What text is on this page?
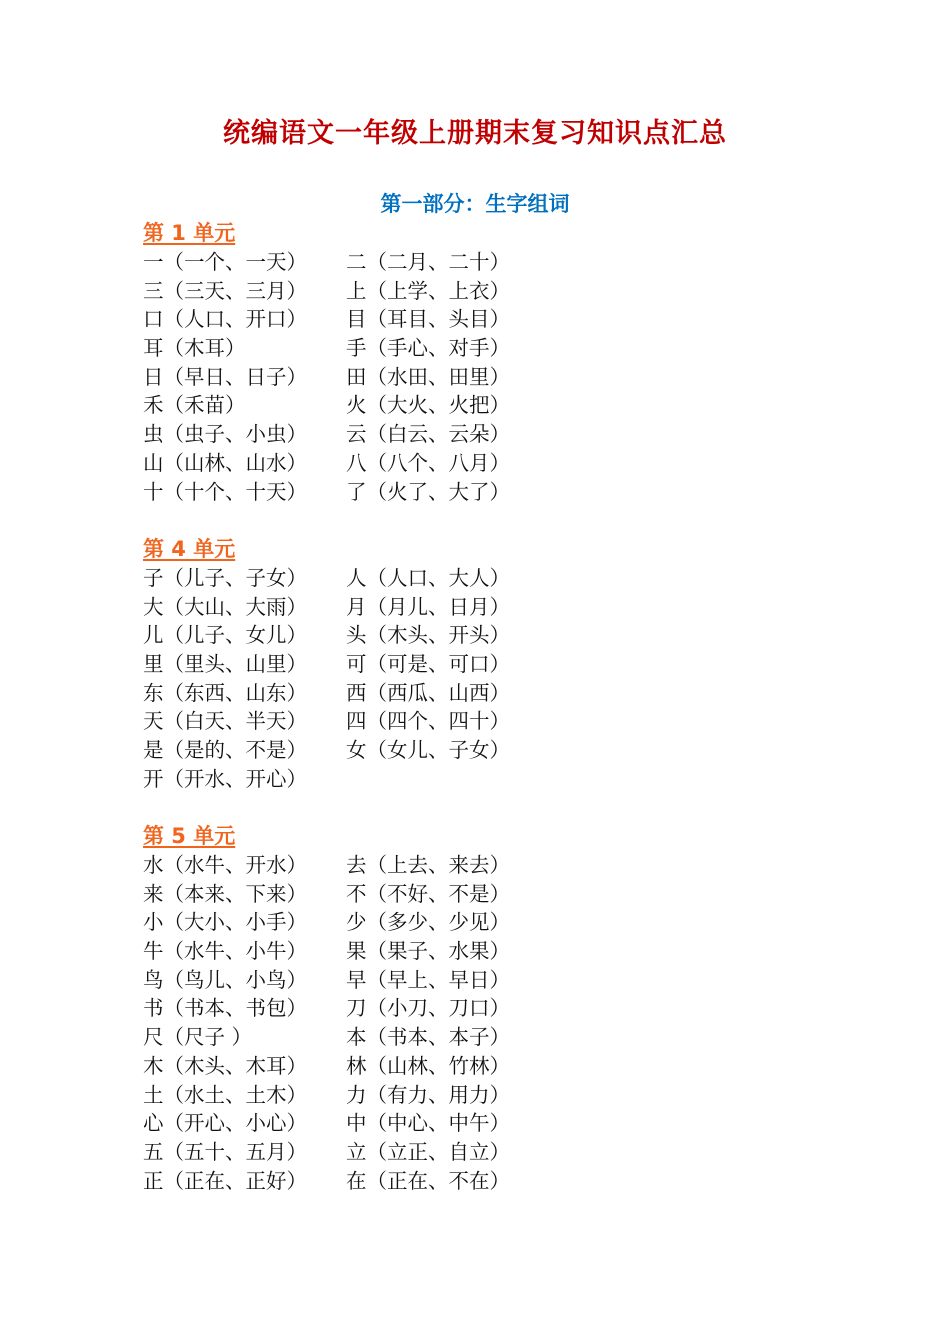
统编语文一年级上册期末复习知识点汇总
第一部分：生字组词
第 1 单元
一（一个、一天） 二（二月、二十）
三（三天、三月） 上（上学、上衣）
口（人口、开口） 目（耳目、头目）
耳（木耳）	手（手心、对手）
日（早日、日子） 田（水田、田里）
禾（禾苗）	火（大火、火把）
虫（虫子、小虫） 云（白云、云朵）
山（山林、山水） 八（八个、八月）
十（十个、十天） 了（火了、大了）
第 4 单元
子（儿子、子女） 人（人口、大人）
大（大山、大雨） 月（月儿、日月）
儿（儿子、女儿） 头（木头、开头）
里（里头、山里） 可（可是、可口）
东（东西、山东） 西（西瓜、山西）
天（白天、半天） 四（四个、四十）
是（是的、不是） 女（女儿、子女）
开（开水、开心）
第 5 单元
水（水牛、开水） 去（上去、来去）
来（本来、下来） 不（不好、不是）
小（大小、小手） 少（多少、少见）
牛（水牛、小牛） 果（果子、水果）
鸟（鸟儿、小鸟） 早（早上、早日）
书（书本、书包） 刀（小刀、刀口）
尺（尺子 ）	本（书本、本子）
木（木头、木耳） 林（山林、竹林）
土（水土、土木） 力（有力、用力）
心（开心、小心） 中（中心、中午）
五（五十、五月） 立（立正、自立）
正（正在、正好） 在（正在、不在）
